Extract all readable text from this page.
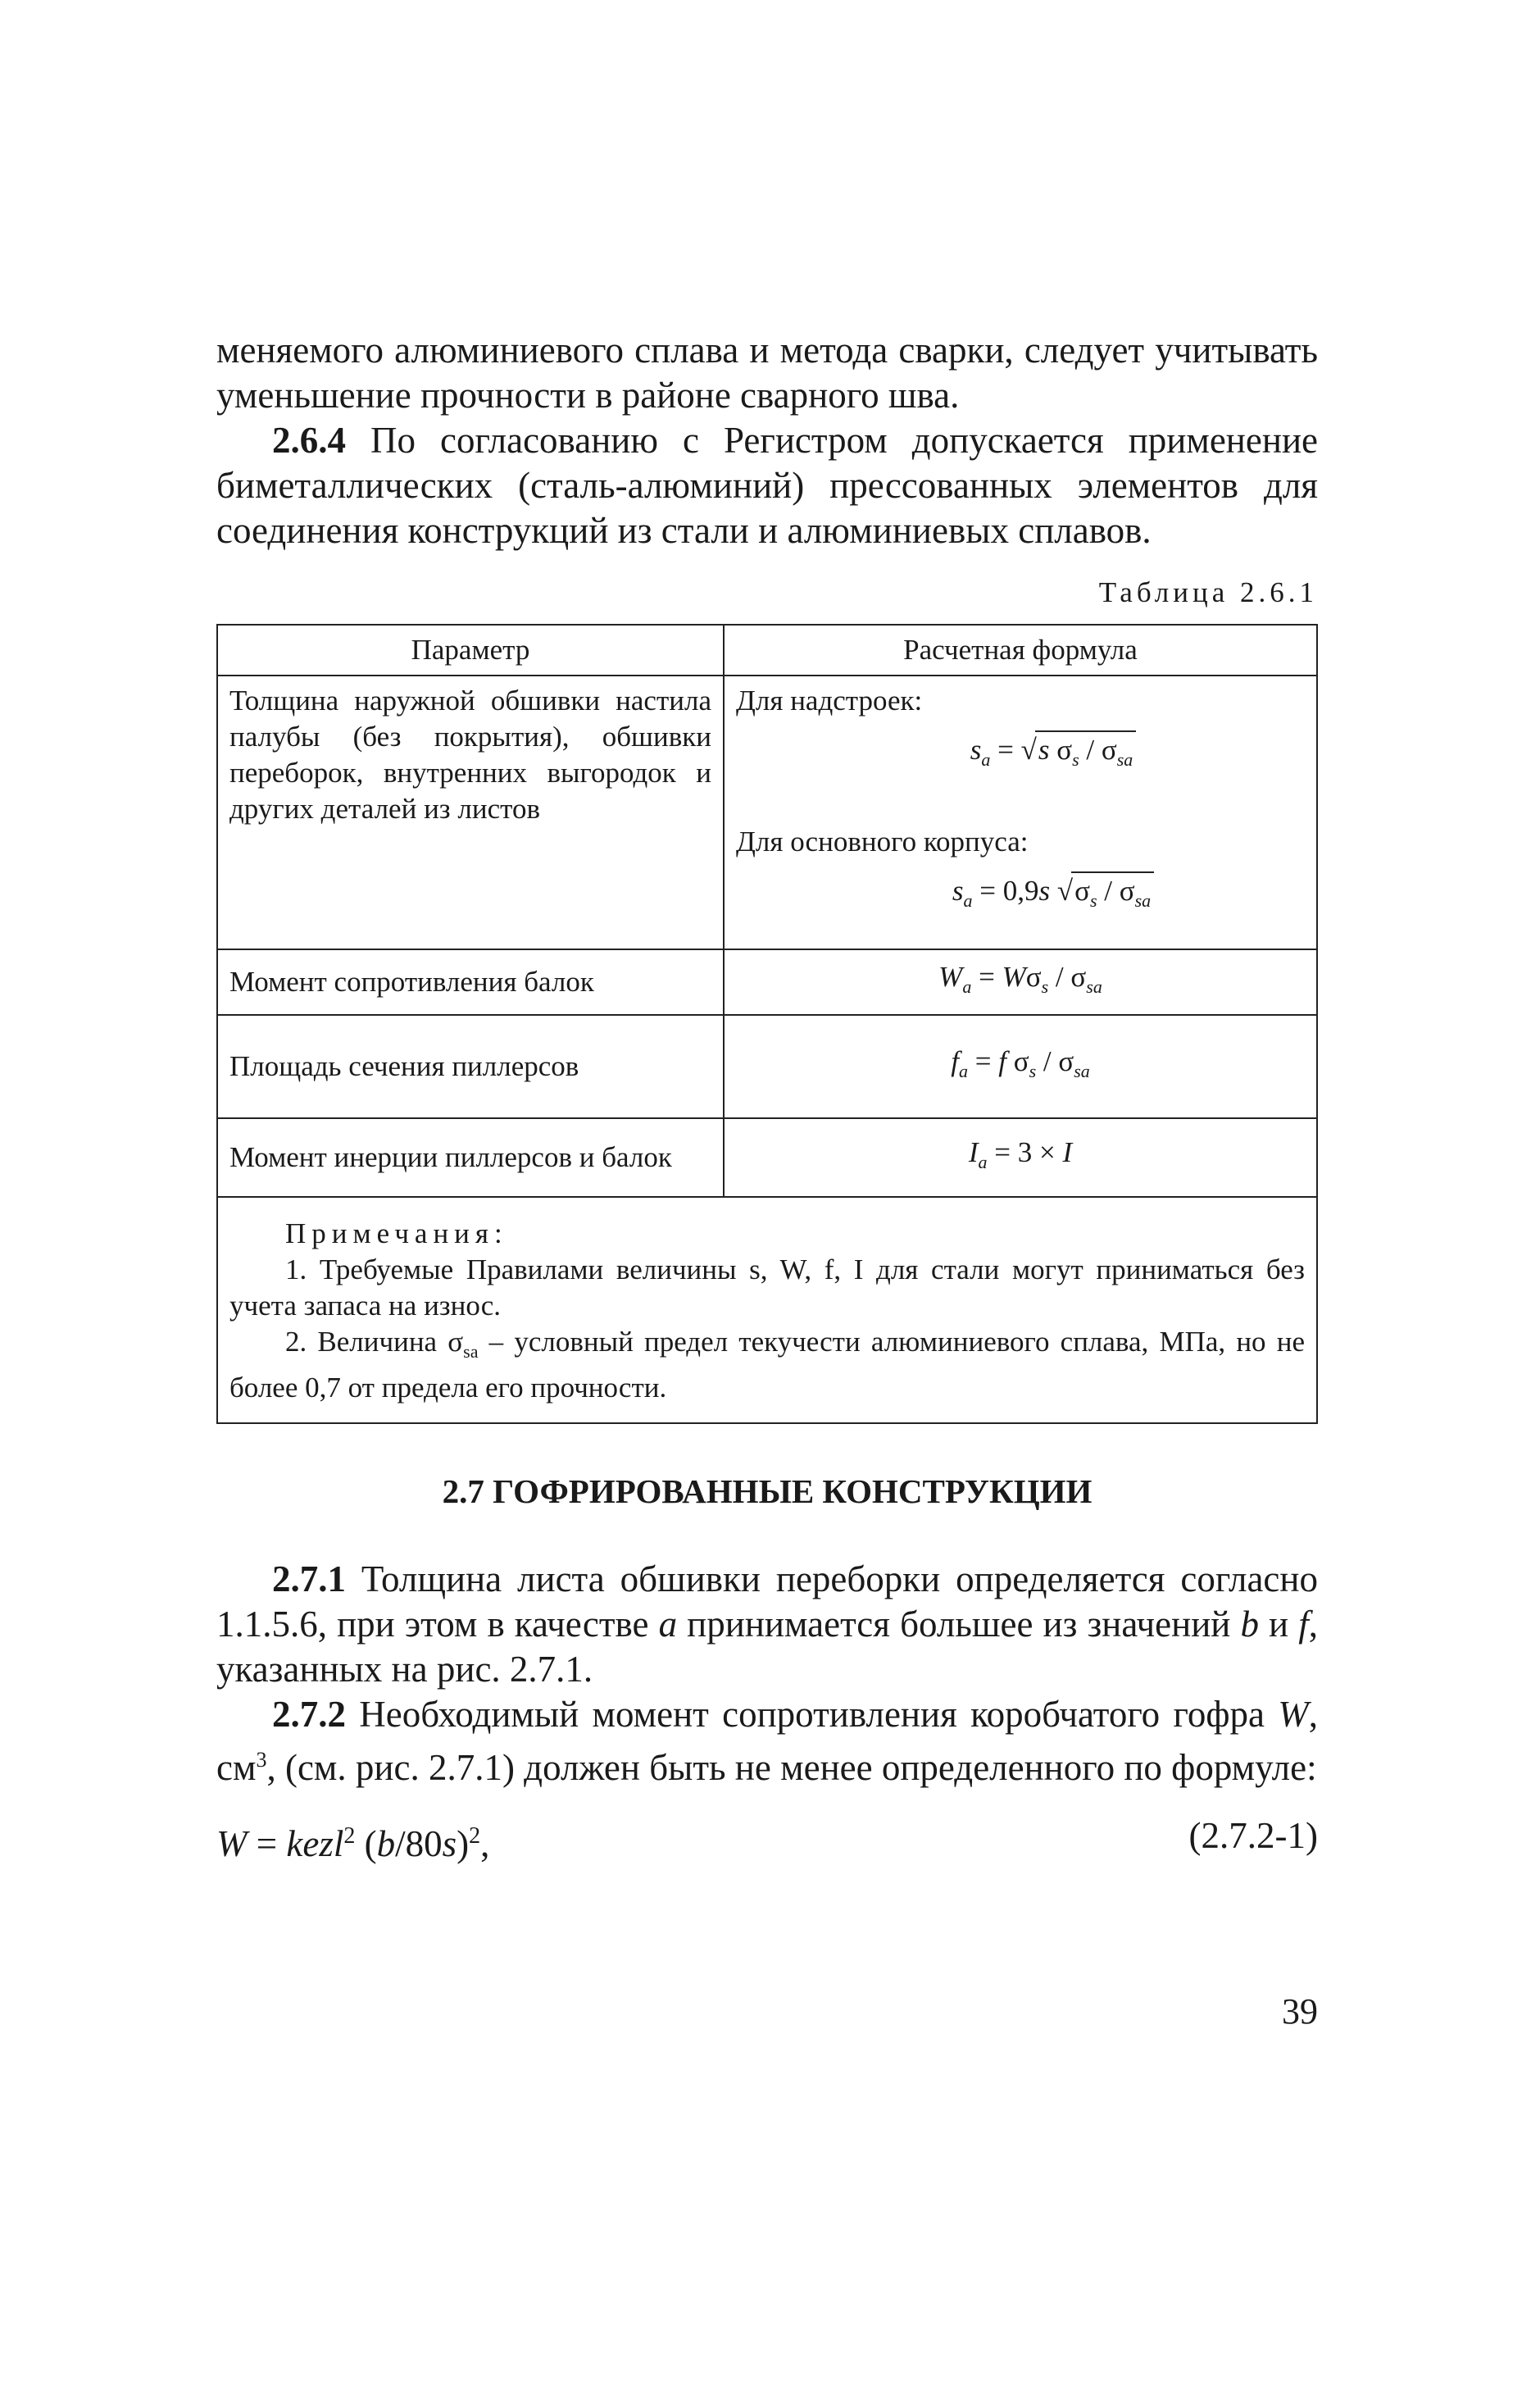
меняемого алюминиевого сплава и метода сварки, следует учитывать уменьшение прочности в районе сварного шва.

2.6.4 По согласованию с Регистром допускается применение биметаллических (сталь-алюминий) прессованных элементов для соединения конструкций из стали и алюминиевых сплавов.

Таблица 2.6.1
Параметр	Расчетная формула
Толщина наружной обшивки настила палубы (без покрытия), обшивки переборок, внутренних выгородок и других деталей из листов	Для надстроек:
$s_a = √s$ $\sigma_s / \sigma_{sa}$
Для основного корпуса:
$s_a = 0,9s$ $√\sigma_s / \sigma_{sa}$

Момент сопротивления балок	$W_a = W\sigma_s / \sigma_{sa}$
Площадь сечения пиллерсов	$f_a = f$ $\sigma_s / \sigma_{sa}$
Момент инерции пиллерсов и балок	$I_a = 3 \times I$

Примечания:

1. Требуемые Правилами величины s, W, f, I для стали могут приниматься без учета запаса на износ.

2. Величина $\sigma_{sa}$ – условный предел текучести алюминиевого сплава, МПа, но не более 0,7 от предела его прочности.	

2.7 ГОФРИРОВАННЫЕ КОНСТРУКЦИИ

2.7.1 Толщина листа обшивки переборки определяется согласно 1.1.5.6, при этом в качестве a принимается большее из значений b и f, указанных на рис. 2.7.1.

2.7.2 Необходимый момент сопротивления коробчатого гофра W, $см^3$, (см. рис. 2.7.1) должен быть не менее определенного по формуле:

W = kezl$^2$ $(b/80s)^2$,	(2.7.2-1)
39
